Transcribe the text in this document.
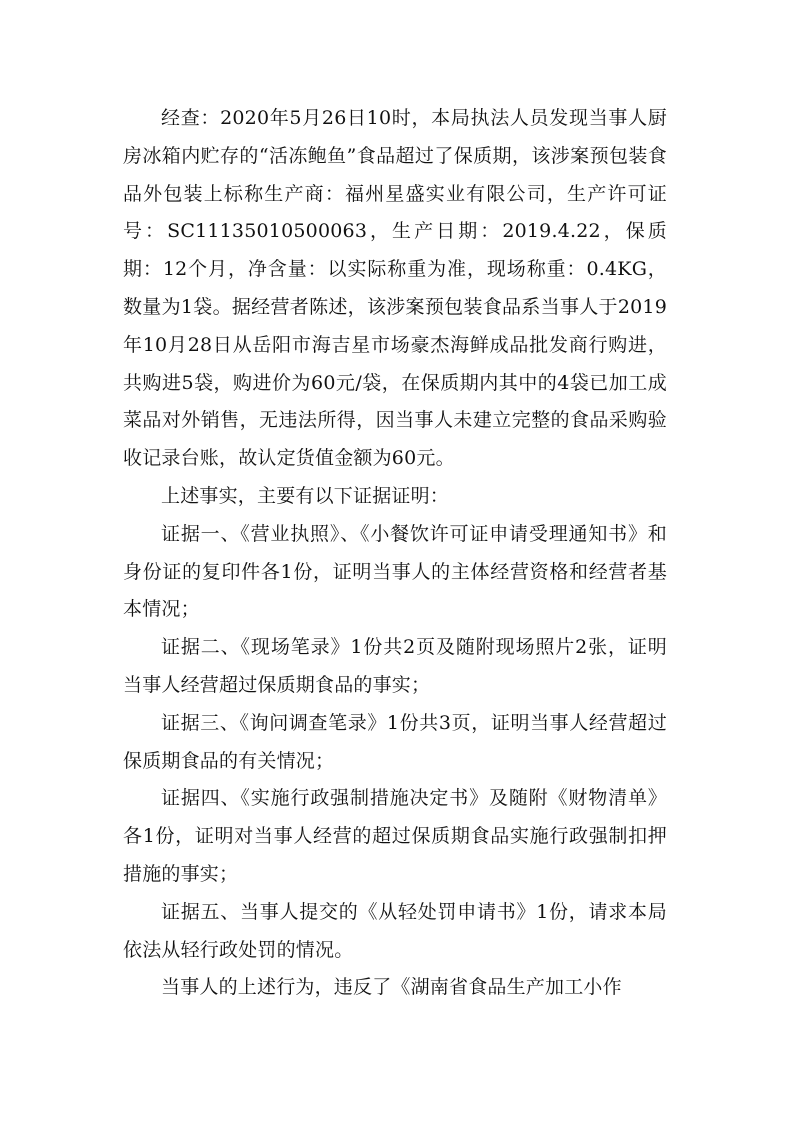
经查：2020年5月26日10时，本局执法人员发现当事人厨房冰箱内贮存的“活冻鲍鱼”食品超过了保质期，该涉案预包装食品外包装上标称生产商：福州星盛实业有限公司，生产许可证号：SC11135010500063，生产日期：2019.4.22，保质期：12个月，净含量：以实际称重为准，现场称重：0.4KG，数量为1袋。据经营者陈述，该涉案预包装食品系当事人于2019年10月28日从岳阳市海吉星市场豪杰海鲜成品批发商行购进，共购进5袋，购进价为60元/袋，在保质期内其中的4袋已加工成菜品对外销售，无违法所得，因当事人未建立完整的食品采购验收记录台账，故认定货值金额为60元。

上述事实，主要有以下证据证明：

证据一、《营业执照》、《小餐饮许可证申请受理通知书》和身份证的复印件各1份，证明当事人的主体经营资格和经营者基本情况；

证据二、《现场笔录》1份共2页及随附现场照片2张，证明当事人经营超过保质期食品的事实；

证据三、《询问调查笔录》1份共3页，证明当事人经营超过保质期食品的有关情况；

证据四、《实施行政强制措施决定书》及随附《财物清单》各1份，证明对当事人经营的超过保质期食品实施行政强制扣押措施的事实；

证据五、当事人提交的《从轻处罚申请书》1份，请求本局依法从轻行政处罚的情况。

当事人的上述行为，违反了《湖南省食品生产加工小作
